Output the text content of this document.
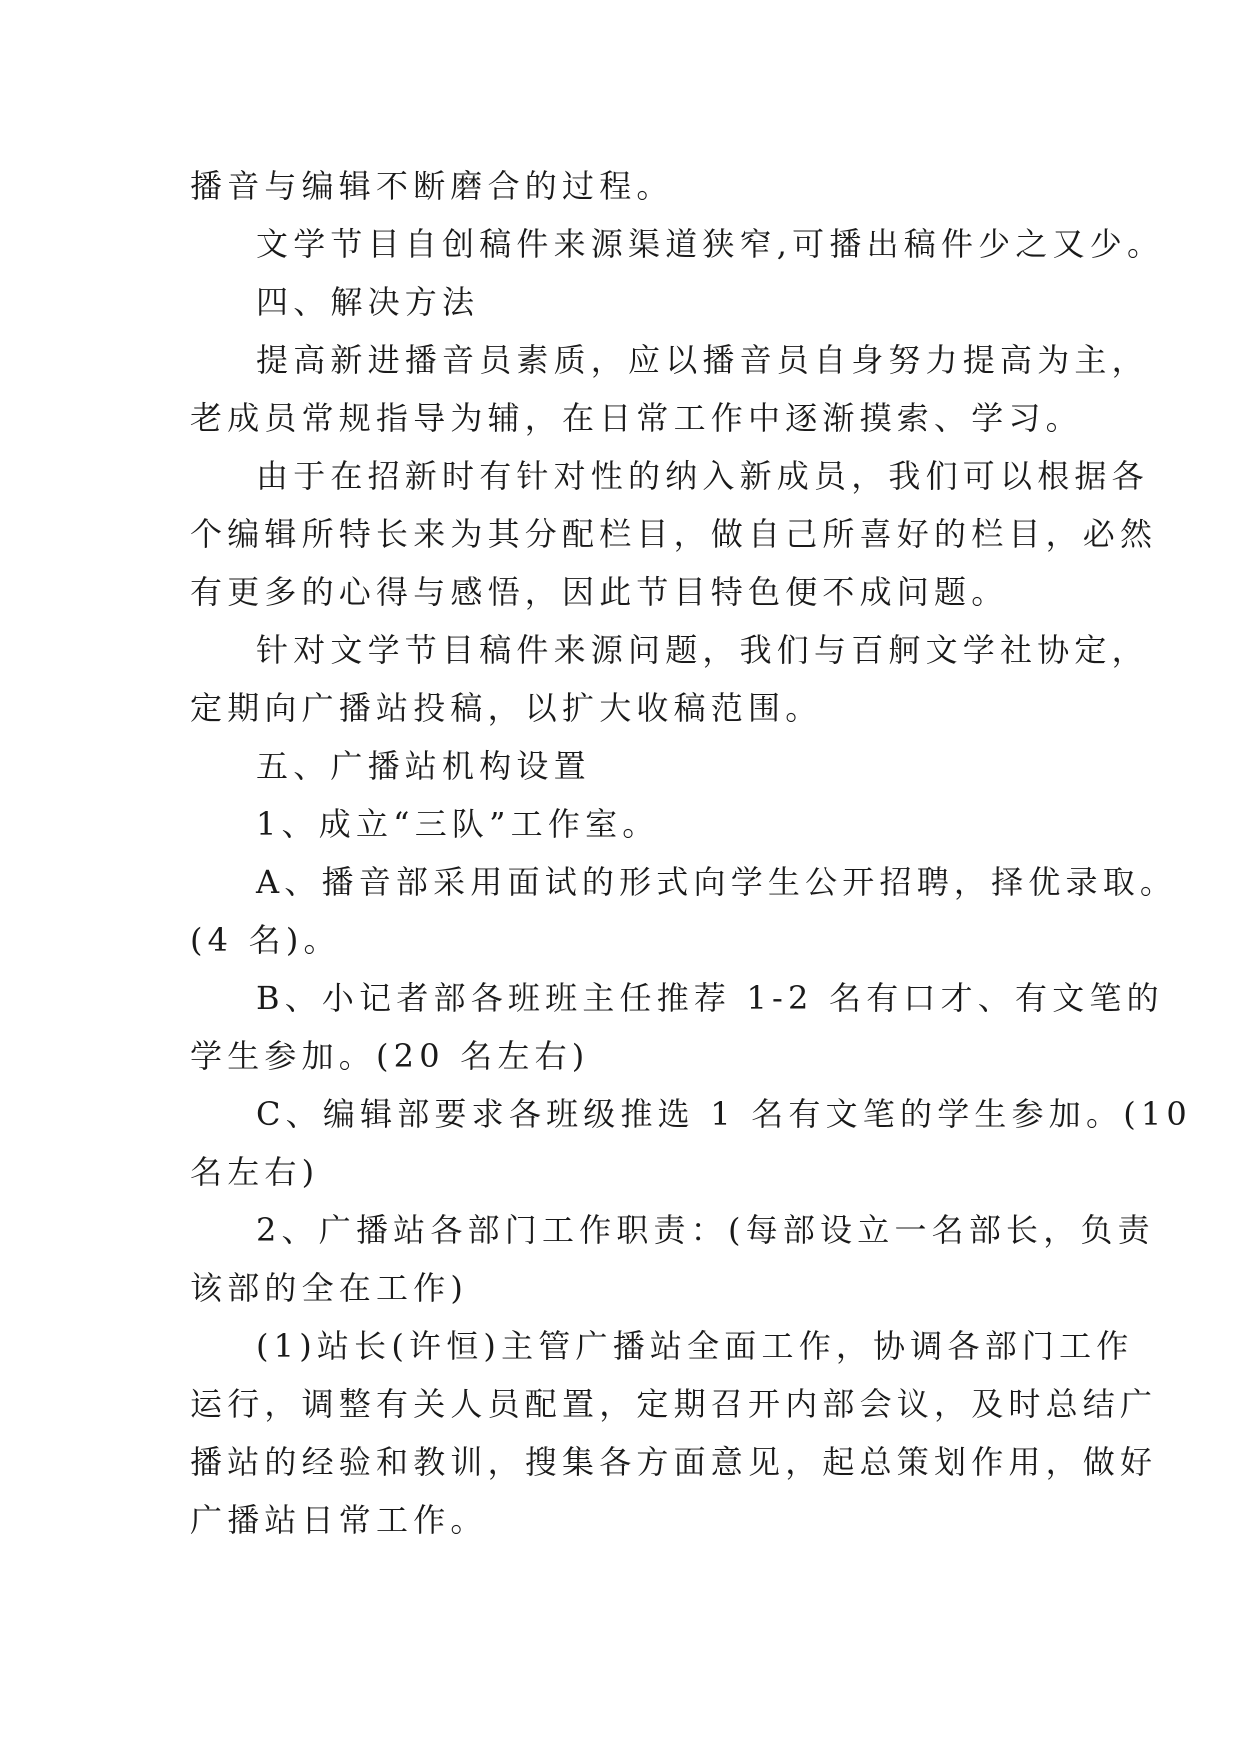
播音与编辑不断磨合的过程。
文学节目自创稿件来源渠道狭窄,可播出稿件少之又少。
四、解决方法
提高新进播音员素质，应以播音员自身努力提高为主，
老成员常规指导为辅，在日常工作中逐渐摸索、学习。
由于在招新时有针对性的纳入新成员，我们可以根据各
个编辑所特长来为其分配栏目，做自己所喜好的栏目，必然
有更多的心得与感悟，因此节目特色便不成问题。
针对文学节目稿件来源问题，我们与百舸文学社协定，
定期向广播站投稿，以扩大收稿范围。
五、广播站机构设置
1、成立“三队”工作室。
A、播音部采用面试的形式向学生公开招聘，择优录取。
(4 名)。
B、小记者部各班班主任推荐 1-2 名有口才、有文笔的
学生参加。(20 名左右)
C、编辑部要求各班级推选 1 名有文笔的学生参加。(10
名左右)
2、广播站各部门工作职责：(每部设立一名部长，负责
该部的全在工作)
(1)站长(许恒)主管广播站全面工作，协调各部门工作
运行，调整有关人员配置，定期召开内部会议，及时总结广
播站的经验和教训，搜集各方面意见，起总策划作用，做好
广播站日常工作。
